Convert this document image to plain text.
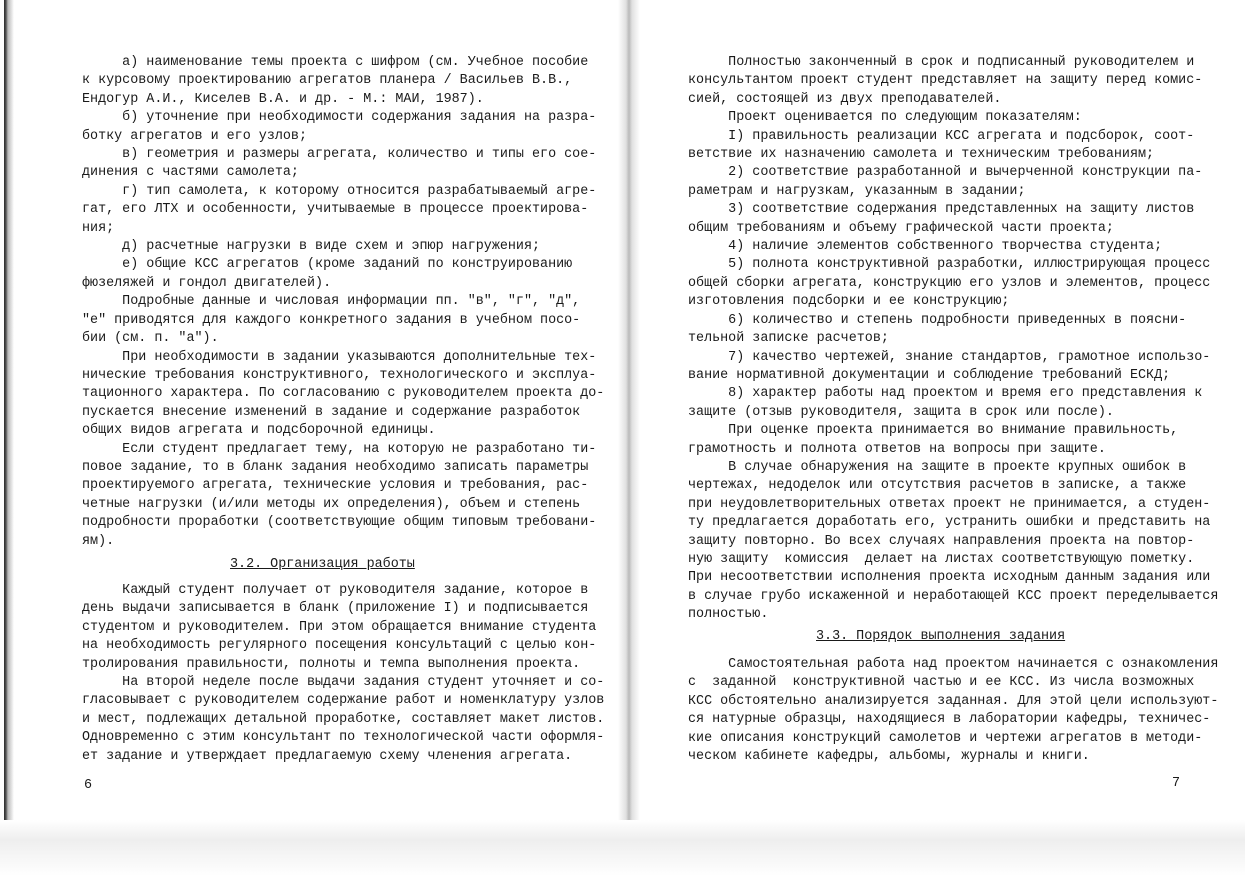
а) наименование темы проекта с шифром (см. Учебное пособие
к курсовому проектированию агрегатов планера / Васильев В.В.,
Ендогур А.И., Киселев В.А. и др. - М.: МАИ, 1987).
б) уточнение при необходимости содержания задания на разра-
ботку агрегатов и его узлов;
в) геометрия и размеры агрегата, количество и типы его сое-
динения с частями самолета;
г) тип самолета, к которому относится разрабатываемый агре-
гат, его ЛТХ и особенности, учитываемые в процессе проектирова-
ния;
д) расчетные нагрузки в виде схем и эпюр нагружения;
е) общие КСС агрегатов (кроме заданий по конструированию
фюзеляжей и гондол двигателей).
Подробные данные и числовая информации пп. "в", "г", "д",
"е" приводятся для каждого конкретного задания в учебном посо-
бии (см. п. "а").
При необходимости в задании указываются дополнительные тех-
нические требования конструктивного, технологического и эксплуа-
тационного характера. По согласованию с руководителем проекта до-
пускается внесение изменений в задание и содержание разработок
общих видов агрегата и подсборочной единицы.
Если студент предлагает тему, на которую не разработано ти-
повое задание, то в бланк задания необходимо записать параметры
проектируемого агрегата, технические условия и требования, рас-
четные нагрузки (и/или методы их определения), объем и степень
подробности проработки (соответствующие общим типовым требовани-
ям).
3.2. Организация работы
Каждый студент получает от руководителя задание, которое в
день выдачи записывается в бланк (приложение I) и подписывается
студентом и руководителем. При этом обращается внимание студента
на необходимость регулярного посещения консультаций с целью кон-
тролирования правильности, полноты и темпа выполнения проекта.
На второй неделе после выдачи задания студент уточняет и со-
гласовывает с руководителем содержание работ и номенклатуру узлов
и мест, подлежащих детальной проработке, составляет макет листов.
Одновременно с этим консультант по технологической части оформля-
ет задание и утверждает предлагаемую схему членения агрегата.
6
Полностью законченный в срок и подписанный руководителем и
консультантом проект студент представляет на защиту перед комис-
сией, состоящей из двух преподавателей.
Проект оценивается по следующим показателям:
I) правильность реализации КСС агрегата и подсборок, соот-
ветствие их назначению самолета и техническим требованиям;
2) соответствие разработанной и вычерченной конструкции па-
раметрам и нагрузкам, указанным в задании;
3) соответствие содержания представленных на защиту листов
общим требованиям и объему графической части проекта;
4) наличие элементов собственного творчества студента;
5) полнота конструктивной разработки, иллюстрирующая процесс
общей сборки агрегата, конструкцию его узлов и элементов, процесс
изготовления подсборки и ее конструкцию;
6) количество и степень подробности приведенных в поясни-
тельной записке расчетов;
7) качество чертежей, знание стандартов, грамотное использо-
вание нормативной документации и соблюдение требований ЕСКД;
8) характер работы над проектом и время его представления к
защите (отзыв руководителя, защита в срок или после).
При оценке проекта принимается во внимание правильность,
грамотность и полнота ответов на вопросы при защите.
В случае обнаружения на защите в проекте крупных ошибок в
чертежах, недоделок или отсутствия расчетов в записке, а также
при неудовлетворительных ответах проект не принимается, а студен-
ту предлагается доработать его, устранить ошибки и представить на
защиту повторно. Во всех случаях направления проекта на повтор-
ную защиту  комиссия  делает на листах соответствующую пометку.
При несоответствии исполнения проекта исходным данным задания или
в случае грубо искаженной и неработающей КСС проект переделывается
полностью.
3.3. Порядок выполнения задания
Самостоятельная работа над проектом начинается с ознакомления
с  заданной  конструктивной частью и ее КСС. Из числа возможных
КСС обстоятельно анализируется заданная. Для этой цели используют-
ся натурные образцы, находящиеся в лаборатории кафедры, техничес-
кие описания конструкций самолетов и чертежи агрегатов в методи-
ческом кабинете кафедры, альбомы, журналы и книги.
7
